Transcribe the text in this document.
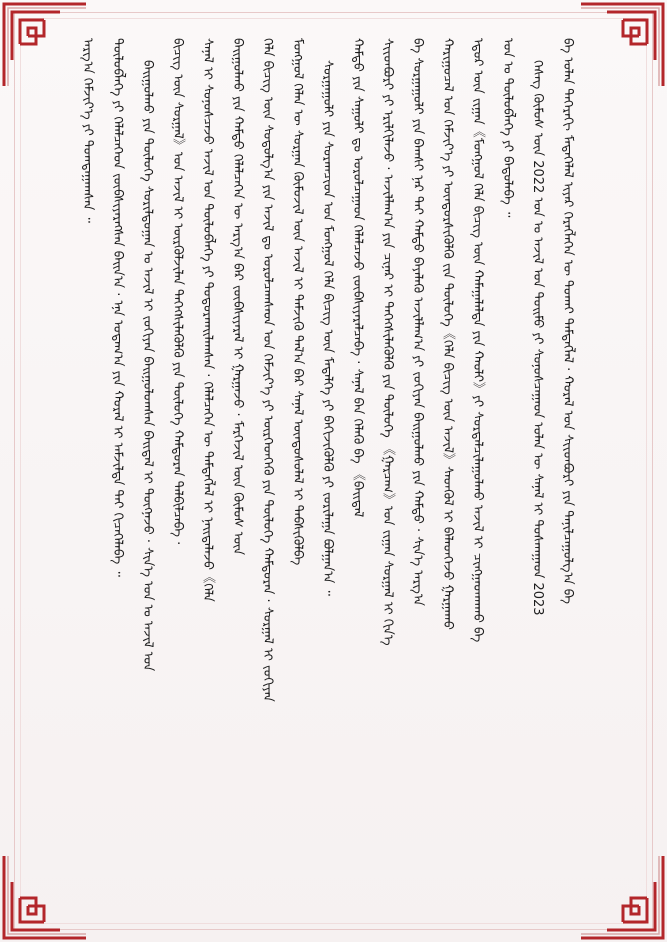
ᠪᠠ ᠣᠯᠠᠨ ᠳᠡᠭᠡᠷᠡᠬᠢ ᠮᠡᠳᠡᠭᠡᠯᠡᠯ ᠢᠶᠠᠷ ᠬᠡᠷᠡᠭᠯᠡᠭᠡᠨ ᠦ ᠲᠤᠬᠠᠢ ᠲᠡᠮᠳᠡᠭᠯᠡᠯ · ᠬᠤᠷᠠᠯ ᠤᠨ ᠰᠢᠢᠳᠪᠦᠷᠢ ᠶᠢᠨ ᠲᠠᠨᠢᠯᠴᠠᠭᠤᠯᠭ᠎ᠠ ᠪᠠ
ᠬᠡᠰᠡᠭ ᠬᠦᠮᠦᠰ ᠦᠨ 2022 ᠣᠨ ᠤ ᠠᠵᠢᠯ ᠤᠨ ᠲᠣᠢᠮᠤ ᠶᠢ ᠰᠣᠨᠣᠰᠴᠠᠭᠠᠳ ᠣᠯᠠᠨ ᠦ ᠰᠠᠨᠠᠯ ᠢ ᠲᠤᠰᠬᠠᠭᠠᠳ 2023
ᠣᠨ ᠤ ᠲᠥᠯᠥᠪᠯᠡᠭᠡ ᠶᠢ ᠪᠠᠲᠤᠯᠠᠪᠠ ᠃
ᠡᠳᠦᠷ ᠦᠨ ᠵᠢᠭᠠᠨ《ᠮᠣᠩᠭᠣᠯ ᠬᠡᠯᠡ ᠪᠢᠴᠢᠭ ᠦᠨ ᠬᠠᠮᠠᠭᠠᠯᠠᠯᠲᠠ ᠶᠢᠨ ᠬᠠᠤᠯᠢ》ᠶᠢ ᠰᠤᠷᠲᠠᠯᠴᠢᠯᠠᠭᠤᠯᠬᠤ ᠠᠵᠢᠯ ᠢ ᠴᠢᠩᠭᠠᠳᠬᠠᠬᠤ ᠪᠠ
ᠬᠠᠷᠢᠭᠤᠴᠠᠯ ᠤᠨ ᠬᠡᠮᠵᠢᠶ᠎ᠡ ᠶᠢ ᠥᠨᠳᠥᠷᠰᠢᠭᠦᠯᠬᠦ ᠵᠢᠨ ᠲᠥᠯᠥᠭᠡ《ᠬᠡᠯᠡ ᠪᠢᠴᠢᠭ ᠦᠨ ᠠᠵᠢᠯ》ᠰᠡᠳᠭᠦᠯ ᠢ ᠪᠡᠯᠡᠳᠬᠡᠵᠦ ᠭᠠᠷᠭᠠᠬᠤ
ᠪᠠ ᠰᠤᠷᠭᠠᠭᠤᠯᠢ ᠶᠢᠨ ᠪᠠᠭᠰᠢ ᠨᠠᠷ ᠲᠠᠢ ᠬᠠᠮᠲᠤ ᠪᠡᠶᠡᠯᠡᠬᠦ ᠠᠵᠢᠯᠯᠠᠭ᠎ᠠ ᠶᠢ ᠵᠣᠬᠢᠶᠠᠨ ᠪᠠᠢᠭᠤᠯᠬᠤ ᠶᠢᠨ ᠬᠠᠮᠲᠤ · ᠰᠢᠨ᠎ᠡ ᠠᠷᠭ᠎ᠠ
ᠰᠢᠢᠳᠪᠦᠷᠢ ᠶᠢ ᠡᠷᠢᠯᠬᠢᠯᠡᠵᠦ · ᠠᠵᠢᠯᠯᠠᠭ᠎ᠠ ᠶᠢᠨ ᠴᠢᠨᠠᠷ ᠢ ᠳᠡᠭᠡᠭᠰᠢᠯᠡᠭᠦᠯᠬᠦ ᠶᠢᠨ ᠲᠥᠯᠥᠭᠡ 《ᠭᠠᠷᠴᠠᠭ》ᠤᠨ ᠵᠢᠭᠠᠨ ᠰᠤᠷᠭᠠᠯ ᠢ ᠬᠢᠨ᠎ᠡ
ᠬᠠᠮᠲᠤ ᠶᠢᠨ ᠰᠠᠭᠤᠯᠢ ᠳᠤ ᠣᠷᠣᠯᠴᠠᠭᠠᠳ ᠬᠡᠯᠡᠯᠴᠡᠵᠦ ᠵᠥᠪᠰᠢᠶᠡᠷᠡᠯᠴᠡᠪᠡ · ᠰᠠᠨᠠᠯ ᠪᠠᠨ ᠬᠡᠯᠡᠬᠦ ᠪᠠ 《ᠪᠠᠢᠳᠠᠯ
ᠰᠤᠷᠭᠠᠭᠤᠯᠢ ᠶᠢᠨ ᠰᠤᠷᠠᠭᠴᠢᠳ ᠤᠨ ᠮᠣᠩᠭᠣᠯ ᠬᠡᠯᠡ ᠪᠢᠴᠢᠭ ᠦᠨ ᠮᠡᠳᠡᠯᠭᠡ ᠶᠢ ᠪᠡᠬᠢᠵᠢᠭᠦᠯᠬᠦ ᠶᠢ ᠵᠣᠷᠢᠯᠠᠭᠠ ᠪᠣᠯᠭᠠᠨ᠎ᠠ ᠃
ᠮᠣᠩᠭᠣᠯ ᠬᠡᠯᠡᠨ ᠦ ᠰᠤᠷᠭᠠᠨ ᠬᠥᠮᠦᠵᠢᠯ ᠦᠨ ᠠᠵᠢᠯ ᠢ ᠳᠡᠮᠵᠢᠬᠦ ᠲᠠᠯ᠎ᠠ ᠪᠠᠷ ᠰᠠᠨᠠᠯ ᠦᠨᠳᠦᠰᠦᠯᠡᠯ ᠢ ᠳᠡᠪᠰᠢᠭᠦᠯᠪᠡ
ᠬᠡᠯᠡ ᠪᠢᠴᠢᠭ ᠦᠨ ᠰᠤᠳᠤᠯᠭ᠎ᠠ ᠶᠢᠨ ᠠᠵᠢᠯ ᠳᠤ ᠣᠷᠣᠯᠴᠠᠭᠰᠠᠳ ᠤᠨ ᠬᠡᠮᠵᠢᠶ᠎ᠡ ᠶᠢ ᠥᠷᠭᠡᠳᠬᠡᠬᠦ ᠶᠢᠨ ᠲᠥᠯᠥᠭᠡ ᠬᠠᠮᠲᠤᠷᠠᠨ · ᠰᠤᠷᠭᠠᠯ ᠢ ᠵᠣᠬᠢᠶᠠᠨ
ᠪᠠᠢᠭᠤᠯᠬᠤ ᠶᠢᠨ ᠬᠠᠮᠲᠤ ᠬᠡᠯᠡᠯᠴᠡᠭᠡᠨ ᠦ ᠠᠷᠭ᠎ᠠ ᠪᠠᠷ ᠵᠥᠪᠰᠢᠶᠡᠷᠡᠯ ᠢ ᠭᠠᠷᠭᠠᠵᠤ · ᠮᠡᠷᠭᠡᠵᠢᠯ ᠦᠨ ᠬᠦᠮᠦᠰ ᠦᠨ
ᠰᠠᠨᠠᠯ ᠢ ᠰᠣᠨᠣᠰᠴᠠᠵᠤ ᠠᠵᠢᠯ ᠤᠨ ᠲᠥᠯᠥᠪᠯᠡᠭᠡ ᠶᠢ ᠲᠣᠳᠤᠷᠬᠠᠢᠯᠠᠭᠰᠠᠨ · ᠬᠡᠯᠡᠯᠴᠡᠭᠡᠨ ᠦ ᠲᠡᠮᠳᠡᠭᠯᠡᠯ ᠢ ᠨᠡᠢᠲᠡᠯᠡᠵᠦ《ᠬᠡᠯᠡ
ᠪᠢᠴᠢᠭ ᠦᠨ ᠰᠤᠷᠭᠠᠯ》ᠤᠨ ᠠᠵᠢᠯ ᠢ ᠦᠷᠭᠦᠯᠵᠢᠯᠡᠨ ᠳᠡᠭᠡᠭᠰᠢᠯᠡᠭᠦᠯᠬᠦ ᠶᠢᠨ ᠲᠥᠯᠥᠭᠡ ᠬᠠᠮᠲᠤᠷᠠᠨ ᠲᠠᠯᠪᠢᠯᠴᠠᠪᠠ ·
ᠪᠠᠢᠭᠤᠯᠬᠤ ᠶᠢᠨ ᠲᠥᠯᠥᠭᠡ ᠰᠣᠷᠢᠯᠳᠤᠭᠠᠨ ᠤ ᠠᠵᠢᠯ ᠢ ᠵᠣᠬᠢᠶᠠᠨ ᠪᠠᠢᠭᠤᠯᠤᠭᠰᠠᠨ ᠪᠠᠢᠳᠠᠯ ᠢ ᠳᠦᠭᠨᠡᠵᠦ · ᠰᠢᠨ᠎ᠡ ᠣᠨ ᠤ ᠠᠵᠢᠯ ᠤᠨ
ᠲᠥᠯᠥᠪᠯᠡᠭᠡ ᠶᠢ ᠬᠡᠯᠡᠯᠴᠡᠭᠡᠳ ᠵᠥᠪᠰᠢᠶᠡᠷᠡᠭᠰᠡᠨ ᠪᠠᠢᠨ᠎ᠠ · ᠡᠨᠡ ᠤᠳᠠᠭ᠎ᠠ ᠶᠢᠨ ᠬᠤᠷᠠᠯ ᠢ ᠠᠮᠵᠢᠯᠲᠠ ᠲᠠᠢ ᠬᠢᠴᠡᠭᠡᠯᠡᠪᠡ ᠃
ᠠᠷᠭ᠎ᠠ ᠬᠡᠮᠵᠢᠶ᠎ᠡ ᠶᠢ ᠲᠣᠭᠲᠠᠭᠠᠭᠰᠠᠨ ᠃
